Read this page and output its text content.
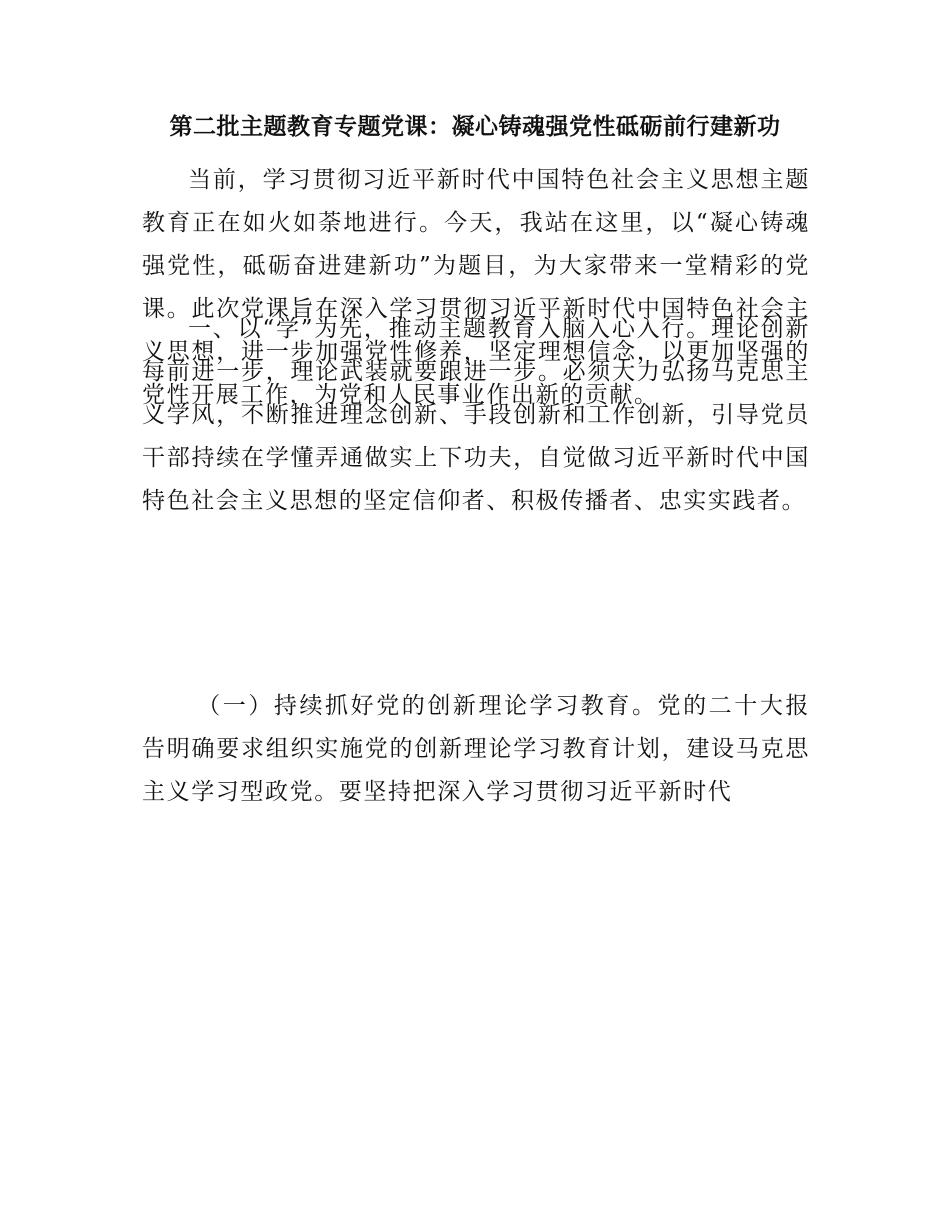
第二批主题教育专题党课：凝心铸魂强党性砥砺前行建新功

当前，学习贯彻习近平新时代中国特色社会主义思想主题教育正在如火如荼地进行。今天，我站在这里，以“凝心铸魂强党性，砥砺奋进建新功”为题目，为大家带来一堂精彩的党课。此次党课旨在深入学习贯彻习近平新时代中国特色社会主义思想，进一步加强党性修养，坚定理想信念，以更加坚强的党性开展工作，为党和人民事业作出新的贡献。

一、以“学”为先，推动主题教育入脑入心入行。理论创新每前进一步，理论武装就要跟进一步。必须大力弘扬马克思主义学风，不断推进理念创新、手段创新和工作创新，引导党员干部持续在学懂弄通做实上下功夫，自觉做习近平新时代中国特色社会主义思想的坚定信仰者、积极传播者、忠实实践者。

（一）持续抓好党的创新理论学习教育。党的二十大报告明确要求组织实施党的创新理论学习教育计划，建设马克思主义学习型政党。要坚持把深入学习贯彻习近平新时代
